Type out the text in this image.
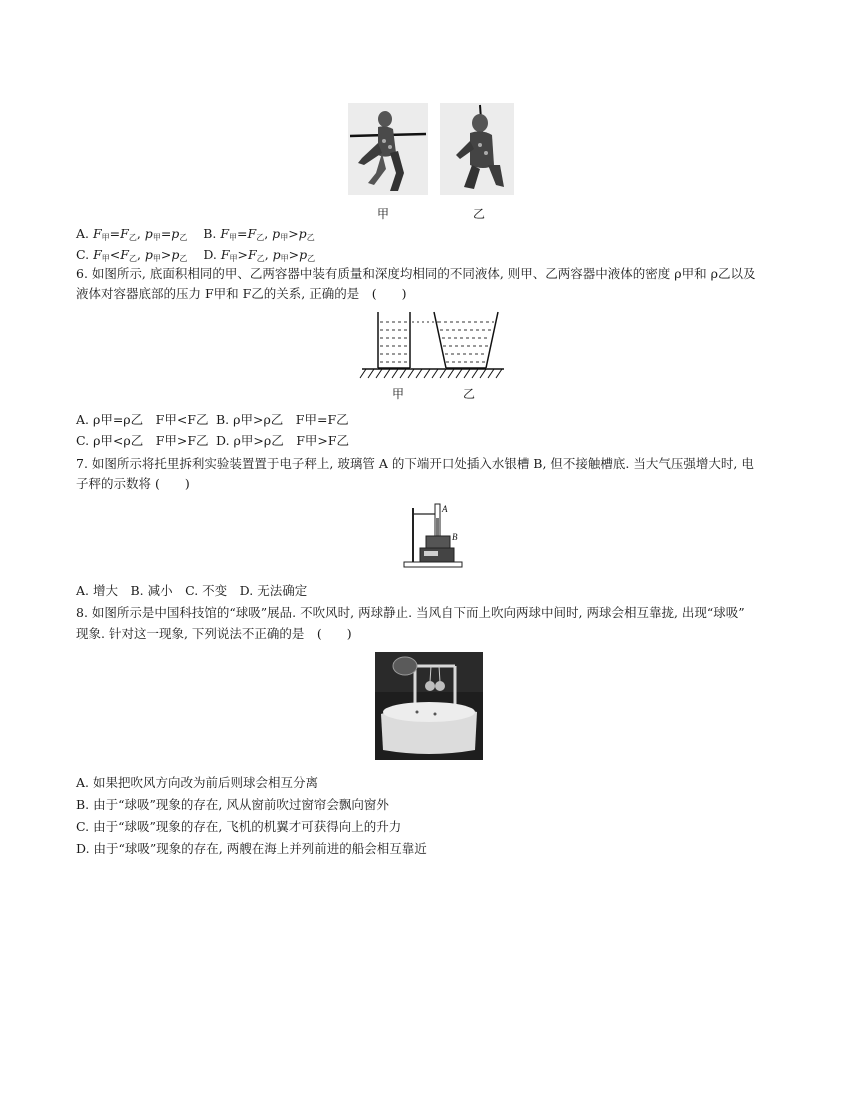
甲	乙
A. $F_甲=F_乙$, $p_甲=p_乙$ B. $F_甲=F_乙$, $p_甲>p_乙$
C. $F_甲<F_乙$, $p_甲>p_乙$ D. $F_甲>F_乙$, $p_甲>p_乙$
6. 如图所示, 底面积相同的甲、乙两容器中装有质量和深度均相同的不同液体, 则甲、乙两容器中液体的密度 ρ甲和 ρ乙以及
液体对容器底部的压力 F甲和 F乙的关系, 正确的是　(　　)
甲	乙
A. ρ甲=ρ乙　F甲<F乙 B. ρ甲>ρ乙　F甲=F乙
C. ρ甲<ρ乙　F甲>F乙 D. ρ甲>ρ乙　F甲>F乙
7. 如图所示将托里拆利实验装置置于电子秤上, 玻璃管 A 的下端开口处插入水银槽 B, 但不接触槽底. 当大气压强增大时, 电
子秤的示数将 (　　)
A
B
A. 增大　B. 减小　C. 不变　D. 无法确定
8. 如图所示是中国科技馆的“球吸”展品. 不吹风时, 两球静止. 当风自下而上吹向两球中间时, 两球会相互靠拢, 出现“球吸”
现象. 针对这一现象, 下列说法不正确的是　(　　)
A. 如果把吹风方向改为前后则球会相互分离
B. 由于“球吸”现象的存在, 风从窗前吹过窗帘会飘向窗外
C. 由于“球吸”现象的存在, 飞机的机翼才可获得向上的升力
D. 由于“球吸”现象的存在, 两艘在海上并列前进的船会相互靠近
